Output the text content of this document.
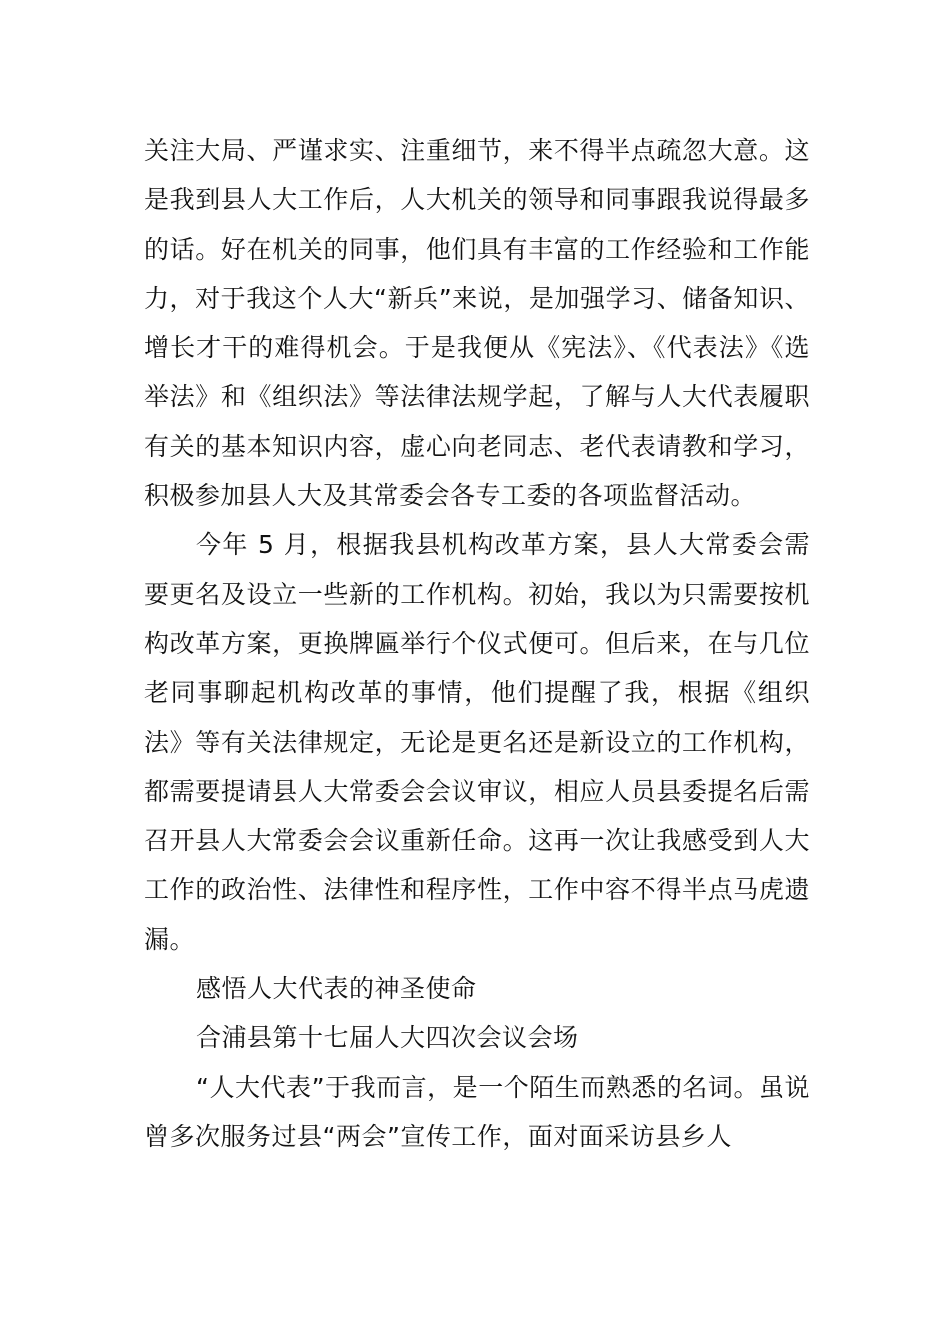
关注大局、严谨求实、注重细节，来不得半点疏忽大意。这是我到县人大工作后，人大机关的领导和同事跟我说得最多的话。好在机关的同事，他们具有丰富的工作经验和工作能力，对于我这个人大“新兵”来说，是加强学习、储备知识、增长才干的难得机会。于是我便从《宪法》、《代表法》《选举法》和《组织法》等法律法规学起，了解与人大代表履职有关的基本知识内容，虚心向老同志、老代表请教和学习，积极参加县人大及其常委会各专工委的各项监督活动。

今年 5 月，根据我县机构改革方案，县人大常委会需要更名及设立一些新的工作机构。初始，我以为只需要按机构改革方案，更换牌匾举行个仪式便可。但后来，在与几位老同事聊起机构改革的事情，他们提醒了我，根据《组织法》等有关法律规定，无论是更名还是新设立的工作机构，都需要提请县人大常委会会议审议，相应人员县委提名后需召开县人大常委会会议重新任命。这再一次让我感受到人大工作的政治性、法律性和程序性，工作中容不得半点马虎遗漏。

感悟人大代表的神圣使命

合浦县第十七届人大四次会议会场

“人大代表”于我而言，是一个陌生而熟悉的名词。虽说曾多次服务过县“两会”宣传工作，面对面采访县乡人
